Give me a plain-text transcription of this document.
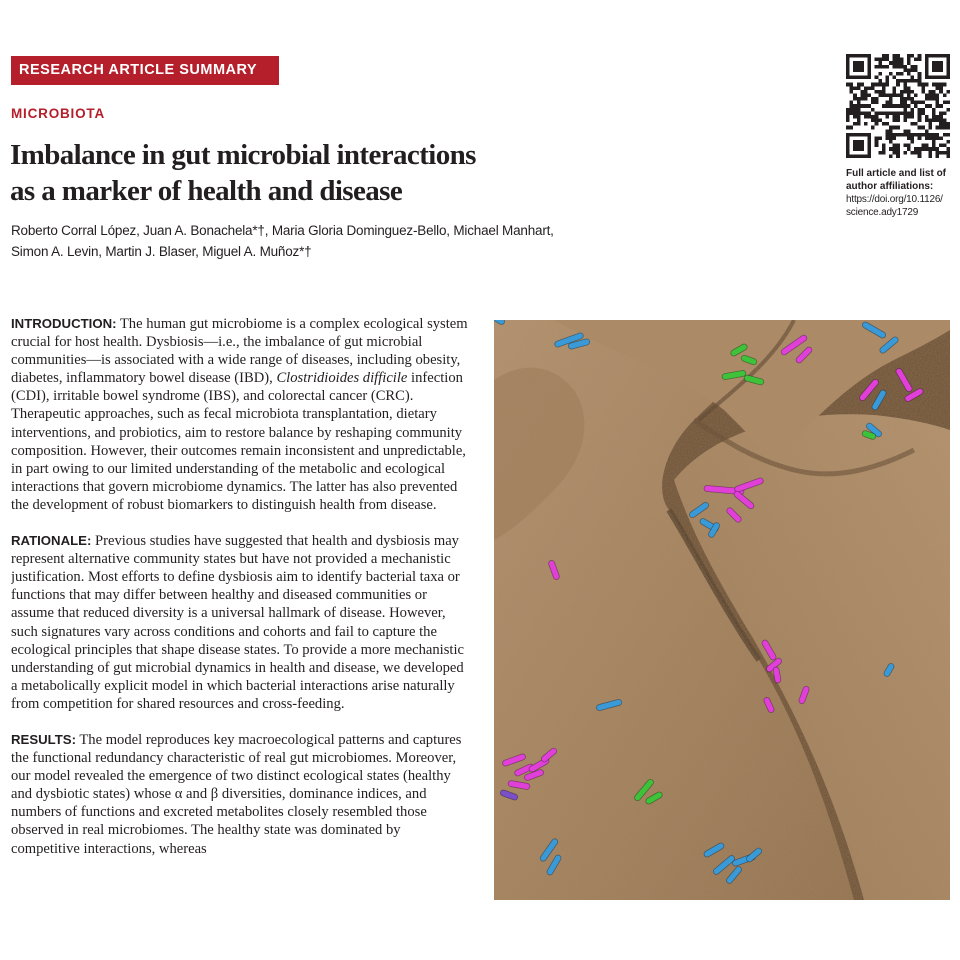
RESEARCH ARTICLE SUMMARY
MICROBIOTA
Imbalance in gut microbial interactions
as a marker of health and disease
Roberto Corral López, Juan A. Bonachela*†, Maria Gloria Dominguez-Bello, Michael Manhart,
Simon A. Levin, Martin J. Blaser, Miguel A. Muñoz*†
Full article and list of author affiliations:
https://doi.org/10.1126/
science.ady1729

INTRODUCTION: The human gut microbiome is a complex ecological system crucial for host health. Dysbiosis—i.e., the imbalance of gut microbial communities—is associated with a wide range of diseases, including obesity, diabetes, inflammatory bowel disease (IBD), Clostridioides difficile infection (CDI), irritable bowel syndrome (IBS), and colorectal cancer (CRC). Therapeutic approaches, such as fecal microbiota transplantation, dietary interventions, and probiotics, aim to restore balance by reshaping community composition. However, their outcomes remain inconsistent and unpredictable, in part owing to our limited understanding of the metabolic and ecological interactions that govern microbiome dynamics. The latter has also prevented the development of robust biomarkers to distinguish health from disease.

RATIONALE: Previous studies have suggested that health and dysbiosis may represent alternative community states but have not provided a mechanistic justification. Most efforts to define dysbiosis aim to identify bacterial taxa or functions that may differ between healthy and diseased communities or assume that reduced diversity is a universal hallmark of disease. However, such signatures vary across conditions and cohorts and fail to capture the ecological principles that shape disease states. To provide a more mechanistic understanding of gut microbial dynamics in health and disease, we developed a metabolically explicit model in which bacterial interactions arise naturally from competition for shared resources and cross-feeding.

RESULTS: The model reproduces key macroecological patterns and captures the functional redundancy characteristic of real gut microbiomes. Moreover, our model revealed the emergence of two distinct ecological states (healthy and dysbiotic states) whose α and β diversities, dominance indices, and numbers of functions and excreted metabolites closely resembled those observed in real microbiomes. The healthy state was dominated by competitive interactions, whereas
